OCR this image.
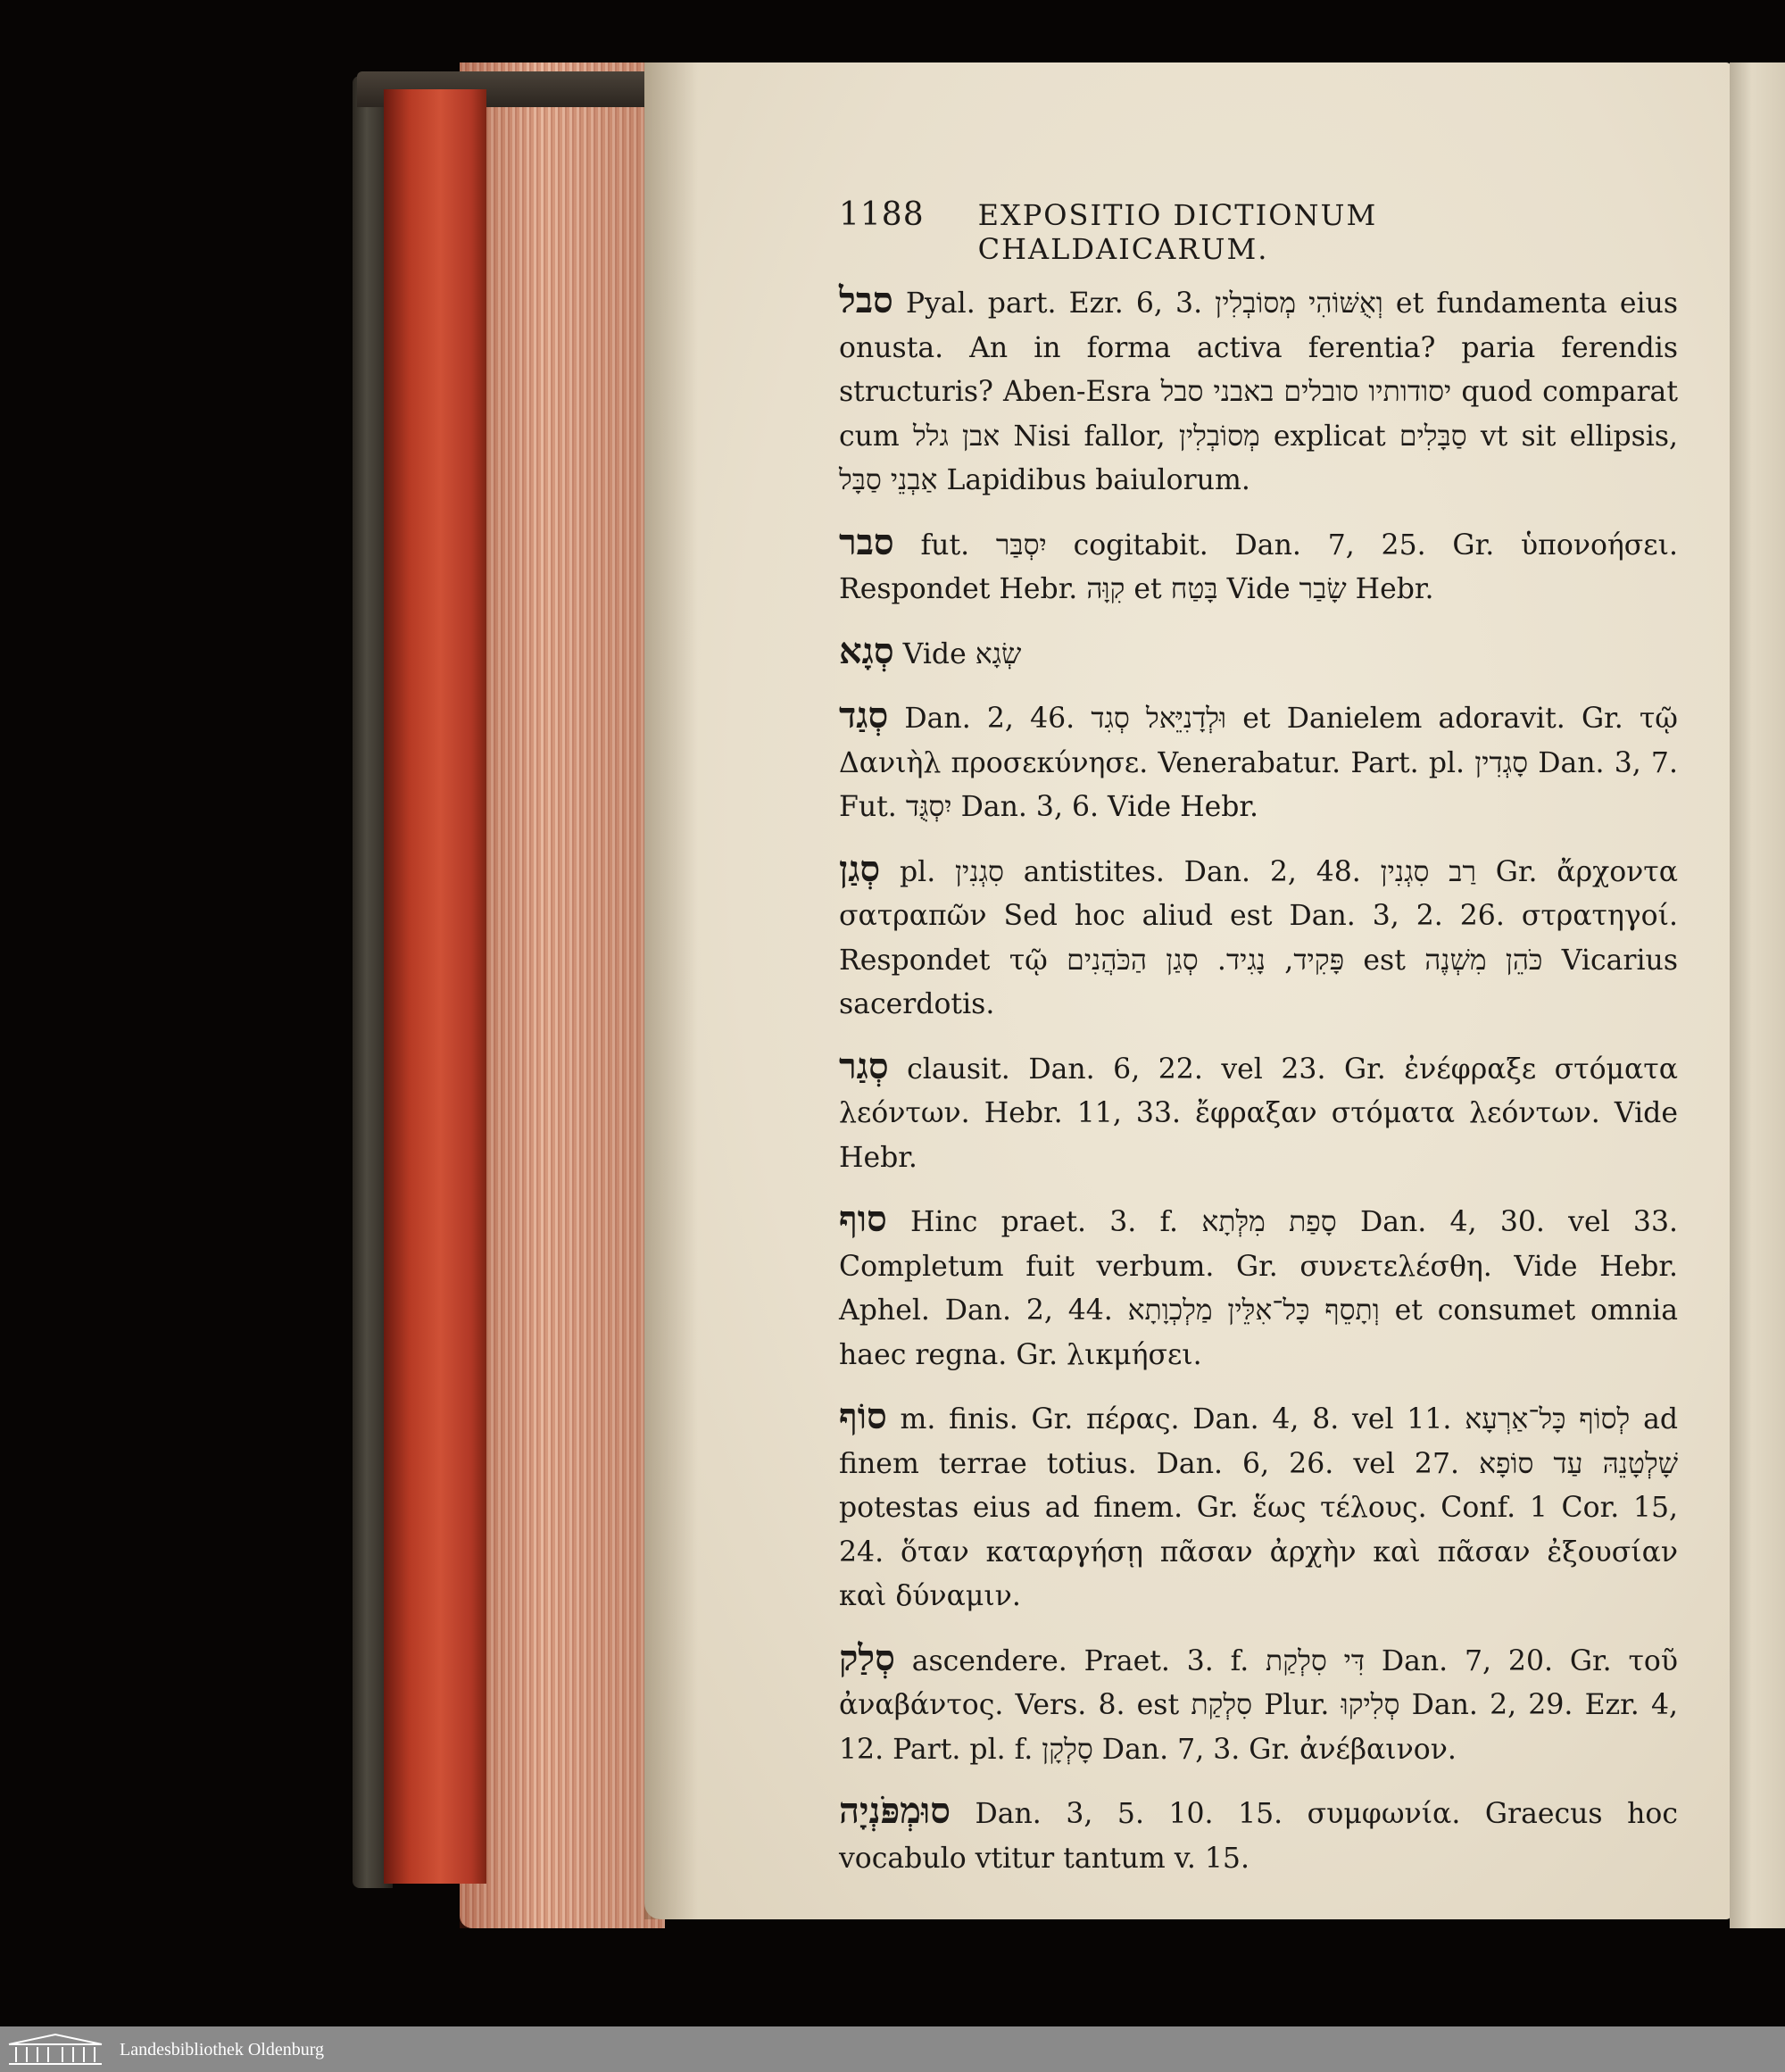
1188 EXPOSITIO DICTIONUM CHALDAICARUM.

סבל Pyal. part. Ezr. 6, 3. וְאֻשּׁוֹהִי מְסוֹבְלִין et fundamenta eius onusta. An in forma activa ferentia? paria ferendis structuris? Aben-Esra יסודותיו סובלים באבני סבל quod comparat cum אבן גלל Nisi fallor, מְסוֹבְלִין explicat סַבָּלִים vt sit ellipsis, אַבְנֵי סַבָּל Lapidibus baiulorum.

סבר fut. יִסְבַּר cogitabit. Dan. 7, 25. Gr. ὑπονοήσει. Respondet Hebr. קִוָּה et בָּטַח Vide שָׂבַר Hebr.

סְגָא Vide שְׂגָא

סְגַד Dan. 2, 46. וּלְדָנִיֵּאל סְגִד et Danielem adoravit. Gr. τῷ Δανιὴλ προσεκύνησε. Venerabatur. Part. pl. סָגְדִין Dan. 3, 7. Fut. יִסְגֻּד Dan. 3, 6. Vide Hebr.

סְגַן pl. סִגְנִין antistites. Dan. 2, 48. רַב סִגְנִין Gr. ἄρχοντα σατραπῶν Sed hoc aliud est Dan. 3, 2. 26. στρατηγοί. Respondet τῷ פָּקִיד, נָגִיד. סְגַן הַכֹּהֲנִים est כֹּהֵן מִשְׁנֶה Vicarius sacerdotis.

סְגַר clausit. Dan. 6, 22. vel 23. Gr. ἐνέφραξε στόματα λεόντων. Hebr. 11, 33. ἔφραξαν στόματα λεόντων. Vide Hebr.

סוף Hinc praet. 3. f. סָפַת מִלְּתָא Dan. 4, 30. vel 33. Completum fuit verbum. Gr. συνετελέσθη. Vide Hebr. Aphel. Dan. 2, 44. וְתָסֵף כָּל־אִלֵּין מַלְכְוָתָא et consumet omnia haec regna. Gr. λικμήσει.

סוֹף m. finis. Gr. πέρας. Dan. 4, 8. vel 11. לְסוֹף כָּל־אַרְעָא ad finem terrae totius. Dan. 6, 26. vel 27. שָׁלְטָנֵהּ עַד סוֹפָא potestas eius ad finem. Gr. ἕως τέλους. Conf. 1 Cor. 15, 24. ὅταν καταργήσῃ πᾶσαν ἀρχὴν καὶ πᾶσαν ἐξουσίαν καὶ δύναμιν.

סְלַק ascendere. Praet. 3. f. דִּי סִלְקַת Dan. 7, 20. Gr. τοῦ ἀναβάντος. Vers. 8. est סִלְקַת Plur. סְלִיקוּ Dan. 2, 29. Ezr. 4, 12. Part. pl. f. סָלְקָן Dan. 7, 3. Gr. ἀνέβαινον.

סוּמְפֹּנְיָה Dan. 3, 5. 10. 15. συμφωνία. Graecus hoc vocabulo vtitur tantum v. 15.

Landesbibliothek Oldenburg
